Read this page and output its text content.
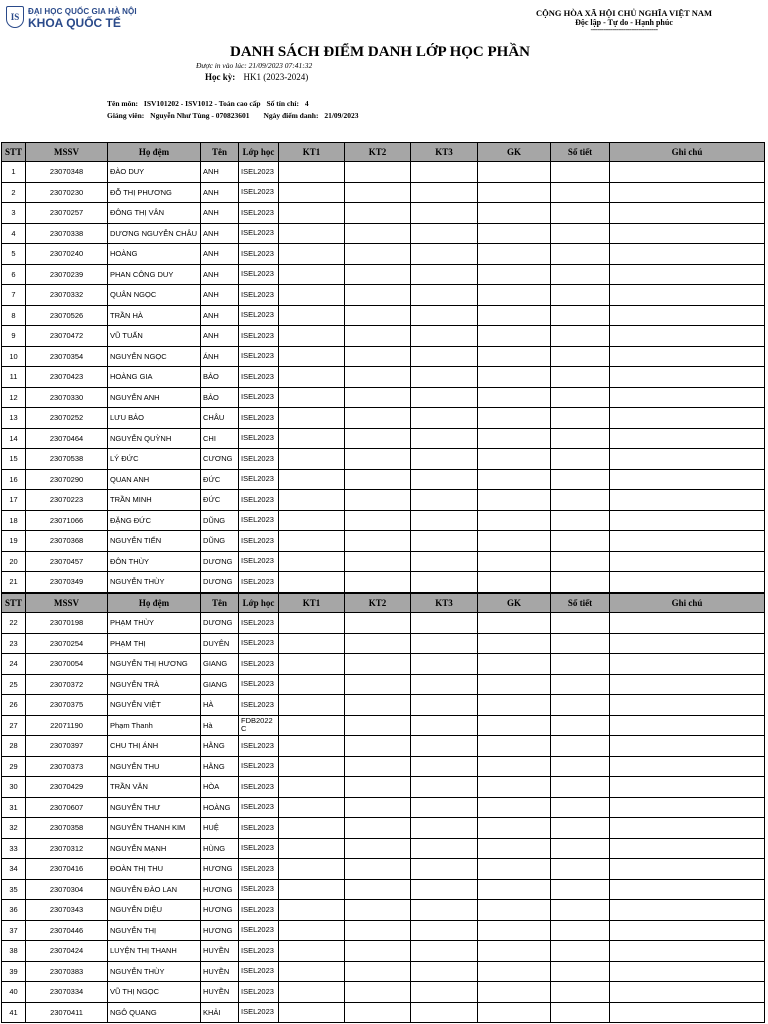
IS
ĐẠI HỌC QUỐC GIA HÀ NỘI
KHOA QUỐC TẾ
CỘNG HÒA XÃ HỘI CHỦ NGHĨA VIỆT NAM
Độc lập - Tự do - Hạnh phúc
-------------------------------
DANH SÁCH ĐIỂM DANH LỚP HỌC PHẦN
Được in vào lúc: 21/09/2023 07:41:32
Học kỳ: HK1 (2023-2024)
Tên môn: ISV101202 - ISV1012 - Toán cao cấp Số tín chỉ: 4
Giảng viên: Nguyễn Như Tùng - 070823601 Ngày điểm danh: 21/09/2023
STT	MSSV	Họ đệm	Tên	Lớp học	KT1	KT2	KT3	GK	Số tiết	Ghi chú
1	23070348	ĐÀO DUY	ANH	ISEL2023						
2	23070230	ĐỖ THỊ PHƯƠNG	ANH	ISEL2023						
3	23070257	ĐÔNG THỊ VÂN	ANH	ISEL2023						
4	23070338	DƯƠNG NGUYỄN CHÂU	ANH	ISEL2023						
5	23070240	HOÀNG	ANH	ISEL2023						
6	23070239	PHAN CÔNG DUY	ANH	ISEL2023						
7	23070332	QUÂN NGỌC	ANH	ISEL2023						
8	23070526	TRẦN HÀ	ANH	ISEL2023						
9	23070472	VŨ TUẤN	ANH	ISEL2023						
10	23070354	NGUYỄN NGỌC	ÁNH	ISEL2023						
11	23070423	HOÀNG GIA	BẢO	ISEL2023						
12	23070330	NGUYỄN ANH	BẢO	ISEL2023						
13	23070252	LƯU BẢO	CHÂU	ISEL2023						
14	23070464	NGUYỄN QUỲNH	CHI	ISEL2023						
15	23070538	LÝ ĐỨC	CƯƠNG	ISEL2023						
16	23070290	QUAN ANH	ĐỨC	ISEL2023						
17	23070223	TRẦN MINH	ĐỨC	ISEL2023						
18	23071066	ĐẶNG ĐỨC	DŨNG	ISEL2023						
19	23070368	NGUYỄN TIẾN	DŨNG	ISEL2023						
20	23070457	ĐÔN THÙY	DƯƠNG	ISEL2023						
21	23070349	NGUYỄN THÙY	DƯƠNG	ISEL2023						
STT	MSSV	Họ đệm	Tên	Lớp học	KT1	KT2	KT3	GK	Số tiết	Ghi chú
22	23070198	PHẠM THÙY	DƯƠNG	ISEL2023						
23	23070254	PHẠM THỊ	DUYÊN	ISEL2023						
24	23070054	NGUYỄN THỊ HƯƠNG	GIANG	ISEL2023						
25	23070372	NGUYỄN TRÀ	GIANG	ISEL2023						
26	23070375	NGUYỄN VIỆT	HÀ	ISEL2023						
27	22071190	Phạm Thanh	Hà	FDB2022 C						
28	23070397	CHU THỊ ÁNH	HẰNG	ISEL2023						
29	23070373	NGUYỄN THU	HẰNG	ISEL2023						
30	23070429	TRẦN VĂN	HÒA	ISEL2023						
31	23070607	NGUYỄN THƯ	HOÀNG	ISEL2023						
32	23070358	NGUYỄN THANH KIM	HUỆ	ISEL2023						
33	23070312	NGUYỄN MẠNH	HÙNG	ISEL2023						
34	23070416	ĐOÀN THỊ THU	HƯƠNG	ISEL2023						
35	23070304	NGUYỄN ĐÀO LAN	HƯƠNG	ISEL2023						
36	23070343	NGUYỄN DIỆU	HƯƠNG	ISEL2023						
37	23070446	NGUYỄN THỊ	HƯƠNG	ISEL2023						
38	23070424	LUYỆN THỊ THANH	HUYỀN	ISEL2023						
39	23070383	NGUYỄN THÙY	HUYỀN	ISEL2023						
40	23070334	VŨ THỊ NGỌC	HUYỀN	ISEL2023						
41	23070411	NGÔ QUANG	KHẢI	ISEL2023						
